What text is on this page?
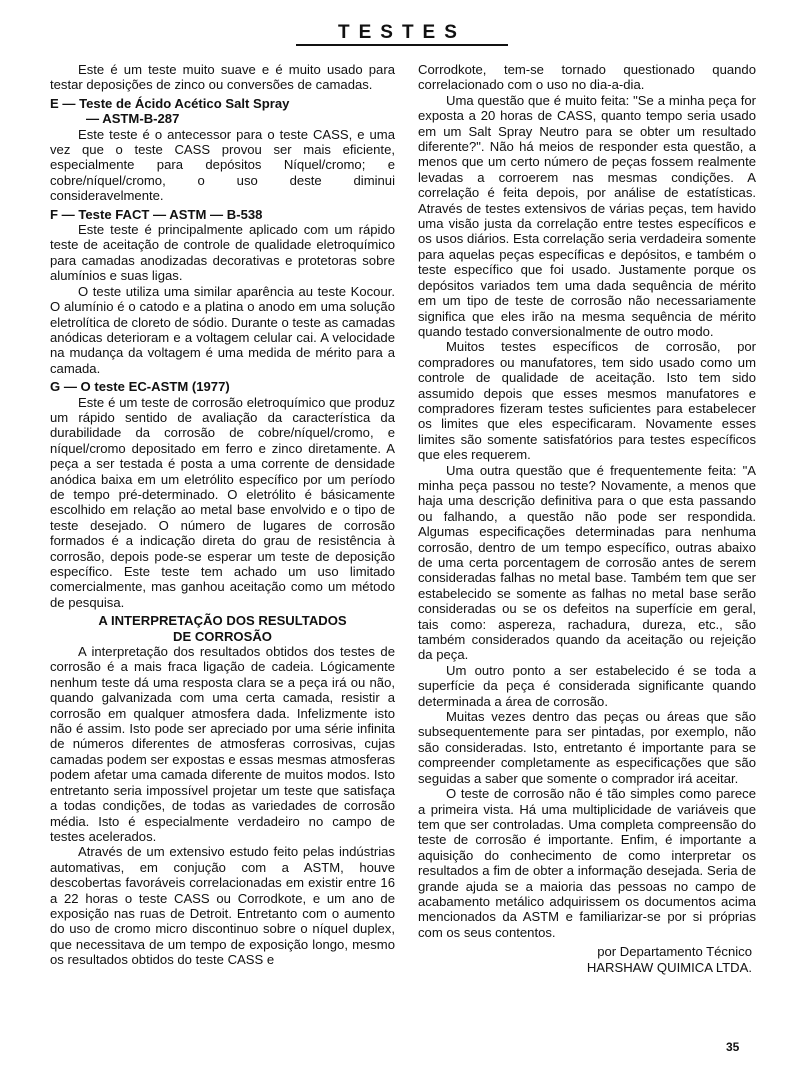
TESTES

Este é um teste muito suave e é muito usado para testar deposições de zinco ou conversões de camadas.

E — Teste de Ácido Acético Salt Spray

— ASTM-B-287

Este teste é o antecessor para o teste CASS, e uma vez que o teste CASS provou ser mais eficiente, especialmente para depósitos Níquel/cromo; e cobre/níquel/cromo, o uso deste diminui consideravelmente.

F — Teste FACT — ASTM — B-538

Este teste é principalmente aplicado com um rápido teste de aceitação de controle de qualidade eletroquímico para camadas anodizadas decorativas e protetoras sobre alumínios e suas ligas.

O teste utiliza uma similar aparência au teste Kocour. O alumínio é o catodo e a platina o anodo em uma solução eletrolítica de cloreto de sódio. Durante o teste as camadas anódicas deterioram e a voltagem celular cai. A velocidade na mudança da voltagem é uma medida de mérito para a camada.

G — O teste EC-ASTM (1977)

Este é um teste de corrosão eletroquímico que produz um rápido sentido de avaliação da característica da durabilidade da corrosão de cobre/níquel/cromo, e níquel/cromo depositado em ferro e zinco diretamente. A peça a ser testada é posta a uma corrente de densidade anódica baixa em um eletrólito específico por um período de tempo pré-determinado. O eletrólito é básicamente escolhido em relação ao metal base envolvido e o tipo de teste desejado. O número de lugares de corrosão formados é a indicação direta do grau de resistência à corrosão, depois pode-se esperar um teste de deposição específico. Este teste tem achado um uso limitado comercialmente, mas ganhou aceitação como um método de pesquisa.

A INTERPRETAÇÃO DOS RESULTADOS

DE CORROSÃO

A interpretação dos resultados obtidos dos testes de corrosão é a mais fraca ligação de cadeia. Lógicamente nenhum teste dá uma resposta clara se a peça irá ou não, quando galvanizada com uma certa camada, resistir a corrosão em qualquer atmosfera dada. Infelizmente isto não é assim. Isto pode ser apreciado por uma série infinita de números diferentes de atmosferas corrosivas, cujas camadas podem ser expostas e essas mesmas atmosferas podem afetar uma camada diferente de muitos modos. Isto entretanto seria impossível projetar um teste que satisfaça a todas condições, de todas as variedades de corrosão média. Isto é especialmente verdadeiro no campo de testes acelerados.

Através de um extensivo estudo feito pelas indústrias automativas, em conjução com a ASTM, houve descobertas favoráveis correlacionadas em existir entre 16 a 22 horas o teste CASS ou Corrodkote, e um ano de exposição nas ruas de Detroit. Entretanto com o aumento do uso de cromo micro discontinuo sobre o níquel duplex, que necessitava de um tempo de exposição longo, mesmo os resultados obtidos do teste CASS e

Corrodkote, tem-se tornado questionado quando correlacionado com o uso no dia-a-dia.

Uma questão que é muito feita: "Se a minha peça for exposta a 20 horas de CASS, quanto tempo seria usado em um Salt Spray Neutro para se obter um resultado diferente?". Não há meios de responder esta questão, a menos que um certo número de peças fossem realmente levadas a corroerem nas mesmas condições. A correlação é feita depois, por análise de estatísticas. Através de testes extensivos de várias peças, tem havido uma visão justa da correlação entre testes específicos e os usos diários. Esta correlação seria verdadeira somente para aquelas peças específicas e depósitos, e também o teste específico que foi usado. Justamente porque os depósitos variados tem uma dada sequência de mérito em um tipo de teste de corrosão não necessariamente significa que eles irão na mesma sequência de mérito quando testado conversionalmente de outro modo.

Muitos testes específicos de corrosão, por compradores ou manufatores, tem sido usado como um controle de qualidade de aceitação. Isto tem sido assumido depois que esses mesmos manufatores e compradores fizeram testes suficientes para estabelecer os limites que eles especificaram. Novamente esses limites são somente satisfatórios para testes específicos que eles requerem.

Uma outra questão que é frequentemente feita: "A minha peça passou no teste? Novamente, a menos que haja uma descrição definitiva para o que esta passando ou falhando, a questão não pode ser respondida. Algumas especificações determinadas para nenhuma corrosão, dentro de um tempo específico, outras abaixo de uma certa porcentagem de corrosão antes de serem consideradas falhas no metal base. Também tem que ser estabelecido se somente as falhas no metal base serão consideradas ou se os defeitos na superfície em geral, tais como: aspereza, rachadura, dureza, etc., são também considerados quando da aceitação ou rejeição da peça.

Um outro ponto a ser estabelecido é se toda a superfície da peça é considerada significante quando determinada a área de corrosão.

Muitas vezes dentro das peças ou áreas que são subsequentemente para ser pintadas, por exemplo, não são consideradas. Isto, entretanto é importante para se compreender completamente as especificações que são seguidas a saber que somente o comprador irá aceitar.

O teste de corrosão não é tão simples como parece a primeira vista. Há uma multiplicidade de variáveis que tem que ser controladas. Uma completa compreensão do teste de corrosão é importante. Enfim, é importante a aquisição do conhecimento de como interpretar os resultados a fim de obter a informação desejada. Seria de grande ajuda se a maioria das pessoas no campo de acabamento metálico adquirissem os documentos acima mencionados da ASTM e familiarizar-se por si próprias com os seus contentos.

por Departamento Técnico

HARSHAW QUIMICA LTDA.

35
